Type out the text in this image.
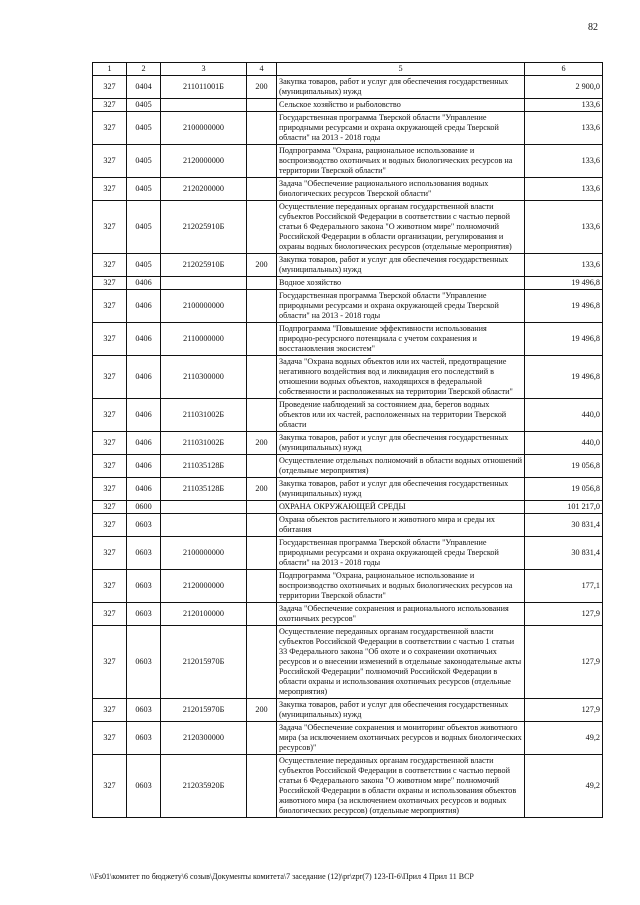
82
1	2	3	4	5	6
327	0404	211011001Б	200	Закупка товаров, работ и услуг для обеспечения государственных (муниципальных) нужд	2 900,0
327	0405			Сельское хозяйство и рыболовство	133,6
327	0405	2100000000		Государственная программа Тверской области "Управление природными ресурсами и охрана окружающей среды Тверской области" на 2013 - 2018 годы	133,6
327	0405	2120000000		Подпрограмма "Охрана, рациональное использование и воспроизводство охотничьих и водных биологических ресурсов на территории Тверской области"	133,6
327	0405	2120200000		Задача "Обеспечение рационального использования водных биологических ресурсов Тверской области"	133,6
327	0405	212025910Б		Осуществление переданных органам государственной власти субъектов Российской Федерации в соответствии с частью первой статьи 6 Федерального закона "О животном мире" полномочий Российской Федерации в области организации, регулирования и охраны водных биологических ресурсов (отдельные мероприятия)	133,6
327	0405	212025910Б	200	Закупка товаров, работ и услуг для обеспечения государственных (муниципальных) нужд	133,6
327	0406			Водное хозяйство	19 496,8
327	0406	2100000000		Государственная программа Тверской области "Управление природными ресурсами и охрана окружающей среды Тверской области" на 2013 - 2018 годы	19 496,8
327	0406	2110000000		Подпрограмма "Повышение эффективности использования природно-ресурсного потенциала с учетом сохранения и восстановления экосистем"	19 496,8
327	0406	2110300000		Задача "Охрана водных объектов или их частей, предотвращение негативного воздействия вод и ликвидация его последствий в отношении водных объектов, находящихся в федеральной собственности и расположенных на территории Тверской области"	19 496,8
327	0406	211031002Б		Проведение наблюдений за состоянием дна, берегов водных объектов или их частей, расположенных на территории Тверской области	440,0
327	0406	211031002Б	200	Закупка товаров, работ и услуг для обеспечения государственных (муниципальных) нужд	440,0
327	0406	211035128Б		Осуществление отдельных полномочий в области водных отношений (отдельные мероприятия)	19 056,8
327	0406	211035128Б	200	Закупка товаров, работ и услуг для обеспечения государственных (муниципальных) нужд	19 056,8
327	0600			ОХРАНА ОКРУЖАЮЩЕЙ СРЕДЫ	101 217,0
327	0603			Охрана объектов растительного и животного мира и среды их обитания	30 831,4
327	0603	2100000000		Государственная программа Тверской области "Управление природными ресурсами и охрана окружающей среды Тверской области" на 2013 - 2018 годы	30 831,4
327	0603	2120000000		Подпрограмма "Охрана, рациональное использование и воспроизводство охотничьих и водных биологических ресурсов на территории Тверской области"	177,1
327	0603	2120100000		Задача "Обеспечение сохранения и рационального использования охотничьих ресурсов"	127,9
327	0603	212015970Б		Осуществление переданных органам государственной власти субъектов Российской Федерации в соответствии с частью 1 статьи 33 Федерального закона "Об охоте и о сохранении охотничьих ресурсов и о внесении изменений в отдельные законодательные акты Российской Федерации" полномочий Российской Федерации в области охраны и использования охотничьих ресурсов (отдельные мероприятия)	127,9
327	0603	212015970Б	200	Закупка товаров, работ и услуг для обеспечения государственных (муниципальных) нужд	127,9
327	0603	2120300000		Задача "Обеспечение сохранения и мониторинг объектов животного мира (за исключением охотничьих ресурсов и водных биологических ресурсов)"	49,2
327	0603	212035920Б		Осуществление переданных органам государственной власти субъектов Российской Федерации в соответствии с частью первой статьи 6 Федерального закона "О животном мире" полномочий Российской Федерации в области охраны и использования объектов животного мира (за исключением охотничьих ресурсов и водных биологических ресурсов) (отдельные мероприятия)	49,2
\\Fs01\комитет по бюджету\6 созыв\Документы комитета\7 заседание (12)\pr\zpr(7) 123-П-6\Прил 4 Прил 11 ВСР
